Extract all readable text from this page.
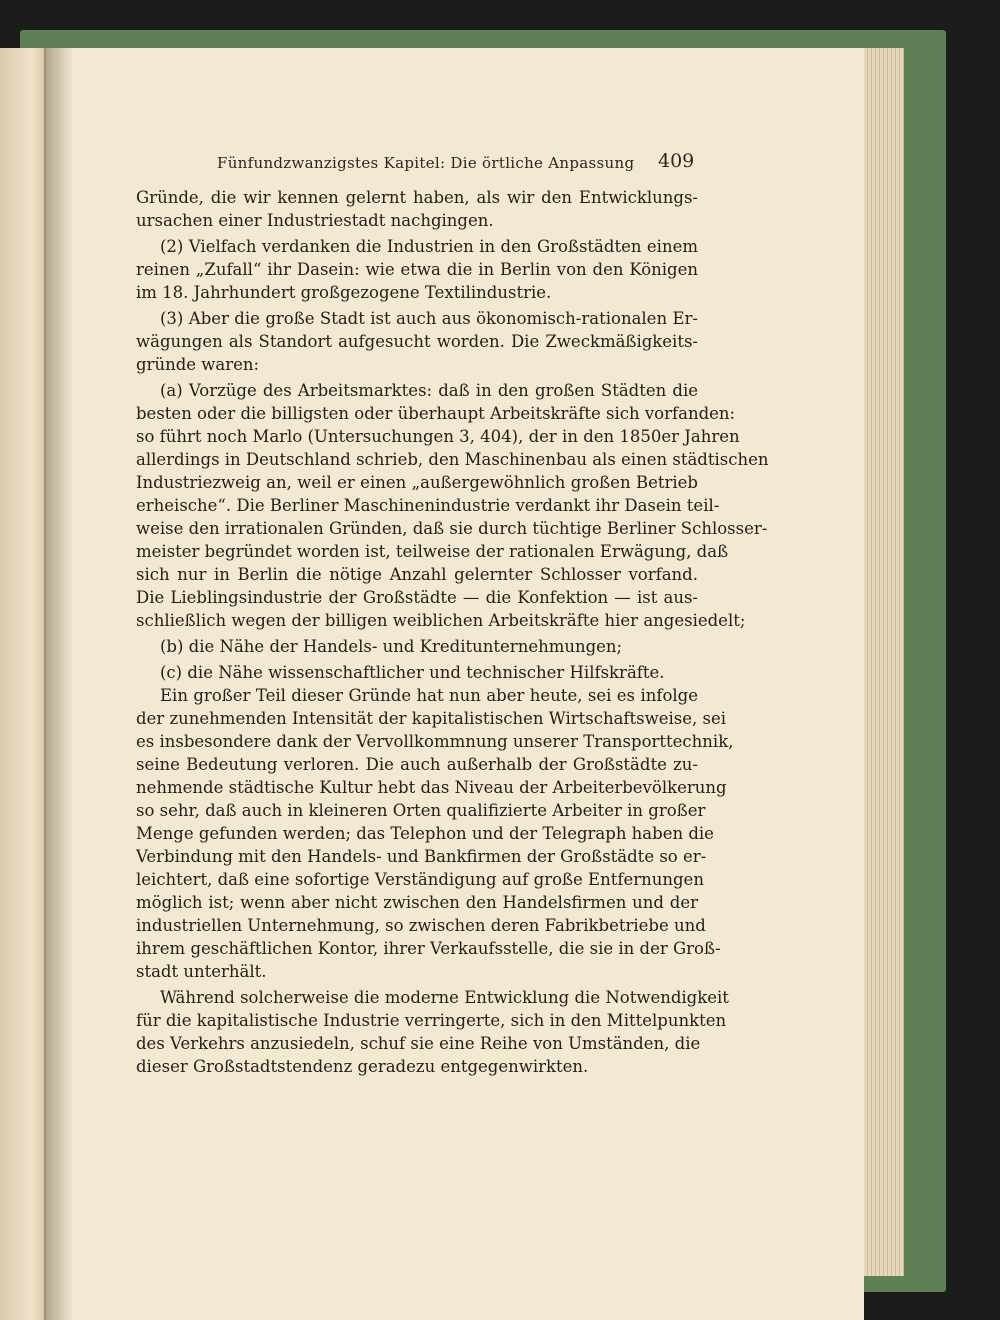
Fünfundzwanzigstes Kapitel: Die örtliche Anpassung	409
Gründe, die wir kennen gelernt haben, als wir den Entwicklungs-
ursachen einer Industriestadt nachgingen.
(2) Vielfach verdanken die Industrien in den Großstädten einem
reinen „Zufall“ ihr Dasein: wie etwa die in Berlin von den Königen
im 18. Jahrhundert großgezogene Textilindustrie.
(3) Aber die große Stadt ist auch aus ökonomisch-rationalen Er-
wägungen als Standort aufgesucht worden. Die Zweckmäßigkeits-
gründe waren:
(a) Vorzüge des Arbeitsmarktes: daß in den großen Städten die
besten oder die billigsten oder überhaupt Arbeitskräfte sich vorfanden:
so führt noch Marlo (Untersuchungen 3, 404), der in den 1850er Jahren
allerdings in Deutschland schrieb, den Maschinenbau als einen städtischen
Industriezweig an, weil er einen „außergewöhnlich großen Betrieb
erheische“. Die Berliner Maschinenindustrie verdankt ihr Dasein teil-
weise den irrationalen Gründen, daß sie durch tüchtige Berliner Schlosser-
meister begründet worden ist, teilweise der rationalen Erwägung, daß
sich nur in Berlin die nötige Anzahl gelernter Schlosser vorfand.
Die Lieblingsindustrie der Großstädte — die Konfektion — ist aus-
schließlich wegen der billigen weiblichen Arbeitskräfte hier angesiedelt;
(b) die Nähe der Handels- und Kreditunternehmungen;
(c) die Nähe wissenschaftlicher und technischer Hilfskräfte.
Ein großer Teil dieser Gründe hat nun aber heute, sei es infolge
der zunehmenden Intensität der kapitalistischen Wirtschaftsweise, sei
es insbesondere dank der Vervollkommnung unserer Transporttechnik,
seine Bedeutung verloren. Die auch außerhalb der Großstädte zu-
nehmende städtische Kultur hebt das Niveau der Arbeiterbevölkerung
so sehr, daß auch in kleineren Orten qualifizierte Arbeiter in großer
Menge gefunden werden; das Telephon und der Telegraph haben die
Verbindung mit den Handels- und Bankfirmen der Großstädte so er-
leichtert, daß eine sofortige Verständigung auf große Entfernungen
möglich ist; wenn aber nicht zwischen den Handelsfirmen und der
industriellen Unternehmung, so zwischen deren Fabrikbetriebe und
ihrem geschäftlichen Kontor, ihrer Verkaufsstelle, die sie in der Groß-
stadt unterhält.
Während solcherweise die moderne Entwicklung die Notwendigkeit
für die kapitalistische Industrie verringerte, sich in den Mittelpunkten
des Verkehrs anzusiedeln, schuf sie eine Reihe von Umständen, die
dieser Großstadtstendenz geradezu entgegenwirkten.
